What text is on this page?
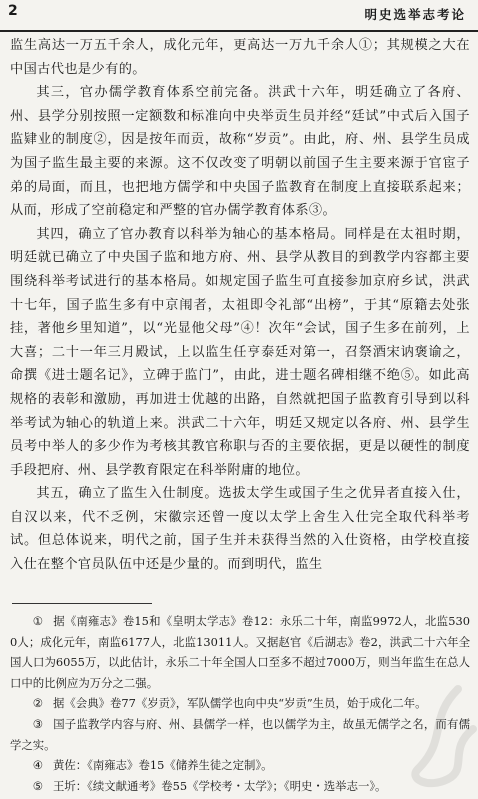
2	明史选举志考论

监生高达一万五千余人，成化元年，更高达一万九千余人①；其规模之大在中国古代也是少有的。

其三，官办儒学教育体系空前完备。洪武十六年，明廷确立了各府、州、县学分别按照一定额数和标准向中央举贡生员并经“廷试”中式后入国子监肄业的制度②，因是按年而贡，故称“岁贡”。由此，府、州、县学生员成为国子监生最主要的来源。这不仅改变了明朝以前国子生主要来源于官宦子弟的局面，而且，也把地方儒学和中央国子监教育在制度上直接联系起来；从而，形成了空前稳定和严整的官办儒学教育体系③。

其四，确立了官办教育以科举为轴心的基本格局。同样是在太祖时期，明廷就已确立了中央国子监和地方府、州、县学从教目的到教学内容都主要围绕科举考试进行的基本格局。如规定国子监生可直接参加京府乡试，洪武十七年，国子监生多有中京闱者，太祖即令礼部“出榜”，于其“原籍去处张挂，著他乡里知道”，以“光显他父母”④！次年“会试，国子生多在前列，上大喜；二十一年三月殿试，上以监生任亨泰廷对第一，召祭酒宋讷褒谕之，命撰《进士题名记》，立碑于监门”，由此，进士题名碑相继不绝⑤。如此高规格的表彰和激励，再加进士优越的出路，自然就把国子监教育引导到以科举考试为轴心的轨道上来。洪武二十六年，明廷又规定以各府、州、县学生员考中举人的多少作为考核其教官称职与否的主要依据，更是以硬性的制度手段把府、州、县学教育限定在科举附庸的地位。

其五，确立了监生入仕制度。选拔太学生或国子生之优异者直接入仕，自汉以来，代不乏例，宋徽宗还曾一度以太学上舍生入仕完全取代科举考试。但总体说来，明代之前，国子生并未获得当然的入仕资格，由学校直接入仕在整个官员队伍中还是少量的。而到明代，监生

① 据《南雍志》卷15和《皇明太学志》卷12：永乐二十年，南监9972人，北监5300人；成化元年，南监6177人，北监13011人。又据赵官《后湖志》卷2，洪武二十六年全国人口为6055万，以此估计，永乐二十年全国人口至多不超过7000万，则当年监生在总人口中的比例应为万分之二强。

② 据《会典》卷77《岁贡》，军队儒学也向中央“岁贡”生员，始于成化二年。

③ 国子监教学内容与府、州、县儒学一样，也以儒学为主，故虽无儒学之名，而有儒学之实。

④ 黄佐：《南雍志》卷15《储养生徒之定制》。

⑤ 王圻：《续文献通考》卷55《学校考・太学》；《明史・选举志一》。
